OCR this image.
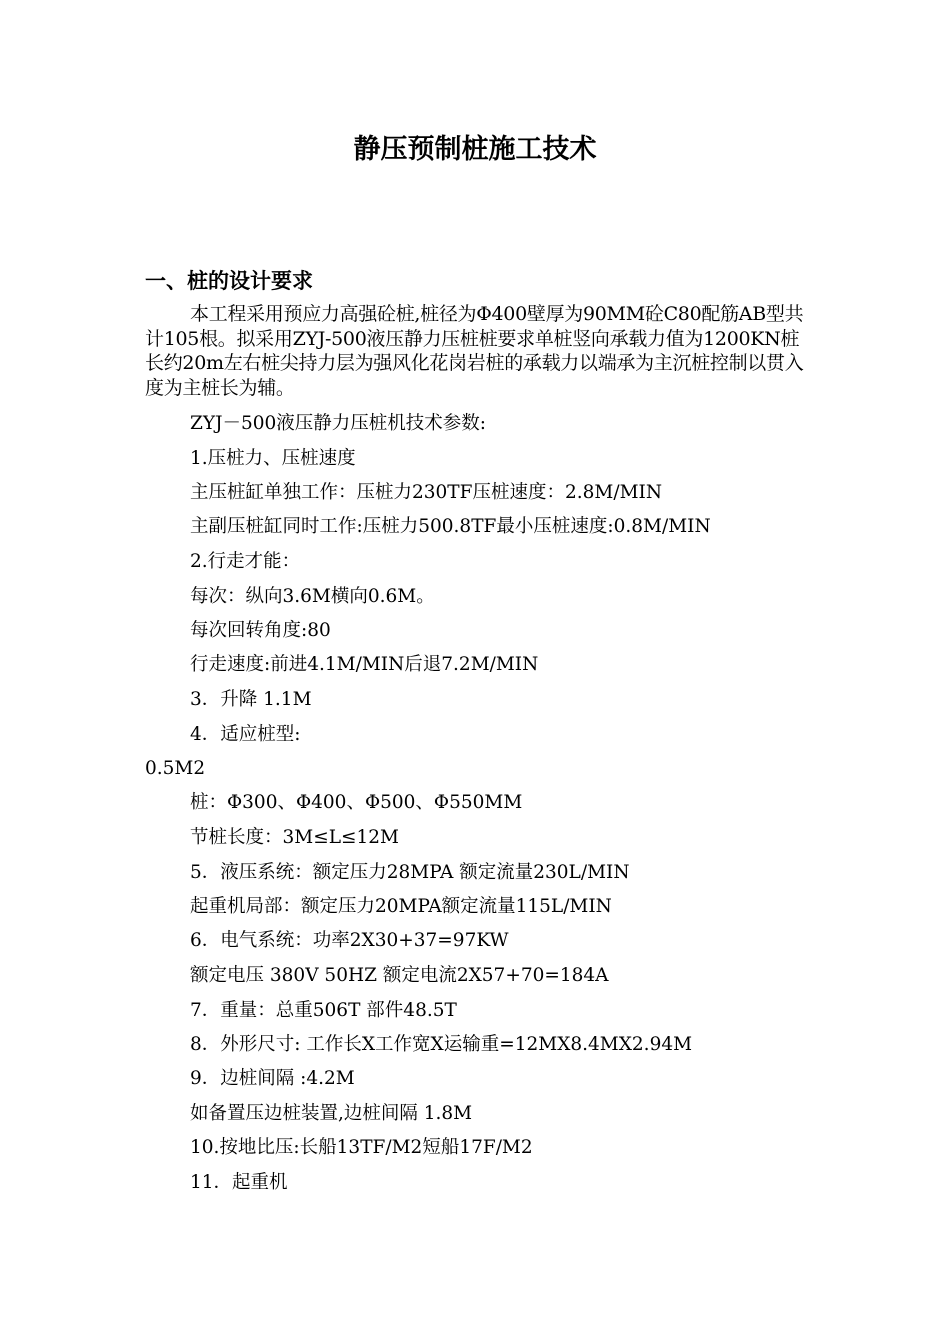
静压预制桩施工技术
一、桩的设计要求

本工程采用预应力高强砼桩,桩径为Φ400壁厚为90MM砼C80配筋AB型共计105根。拟采用ZYJ-500液压静力压桩桩要求单桩竖向承载力值为1200KN桩长约20m左右桩尖持力层为强风化花岗岩桩的承载力以端承为主沉桩控制以贯入度为主桩长为辅。

ZYJ－500液压静力压桩机技术参数:
1.压桩力、压桩速度
主压桩缸单独工作：压桩力230TF压桩速度：2.8M/MIN
主副压桩缸同时工作:压桩力500.8TF最小压桩速度:0.8M/MIN
2.行走才能：
每次：纵向3.6M横向0.6M。
每次回转角度:80
行走速度:前进4.1M/MIN后退7.2M/MIN
3．升降 1.1M
4．适应桩型:
0.5M2
桩：Φ300、Φ400、Φ500、Φ550MM
节桩长度：3M≤L≤12M
5．液压系统：额定压力28MPA 额定流量230L/MIN
起重机局部：额定压力20MPA额定流量115L/MIN
6．电气系统：功率2X30+37=97KW
额定电压 380V 50HZ 额定电流2X57+70=184A
7．重量：总重506T 部件48.5T
8．外形尺寸: 工作长X工作宽X运输重=12MX8.4MX2.94M
9．边桩间隔 :4.2M
如备置压边桩装置,边桩间隔 1.8M
10.按地比压:长船13TF/M2短船17F/M2
11．起重机
